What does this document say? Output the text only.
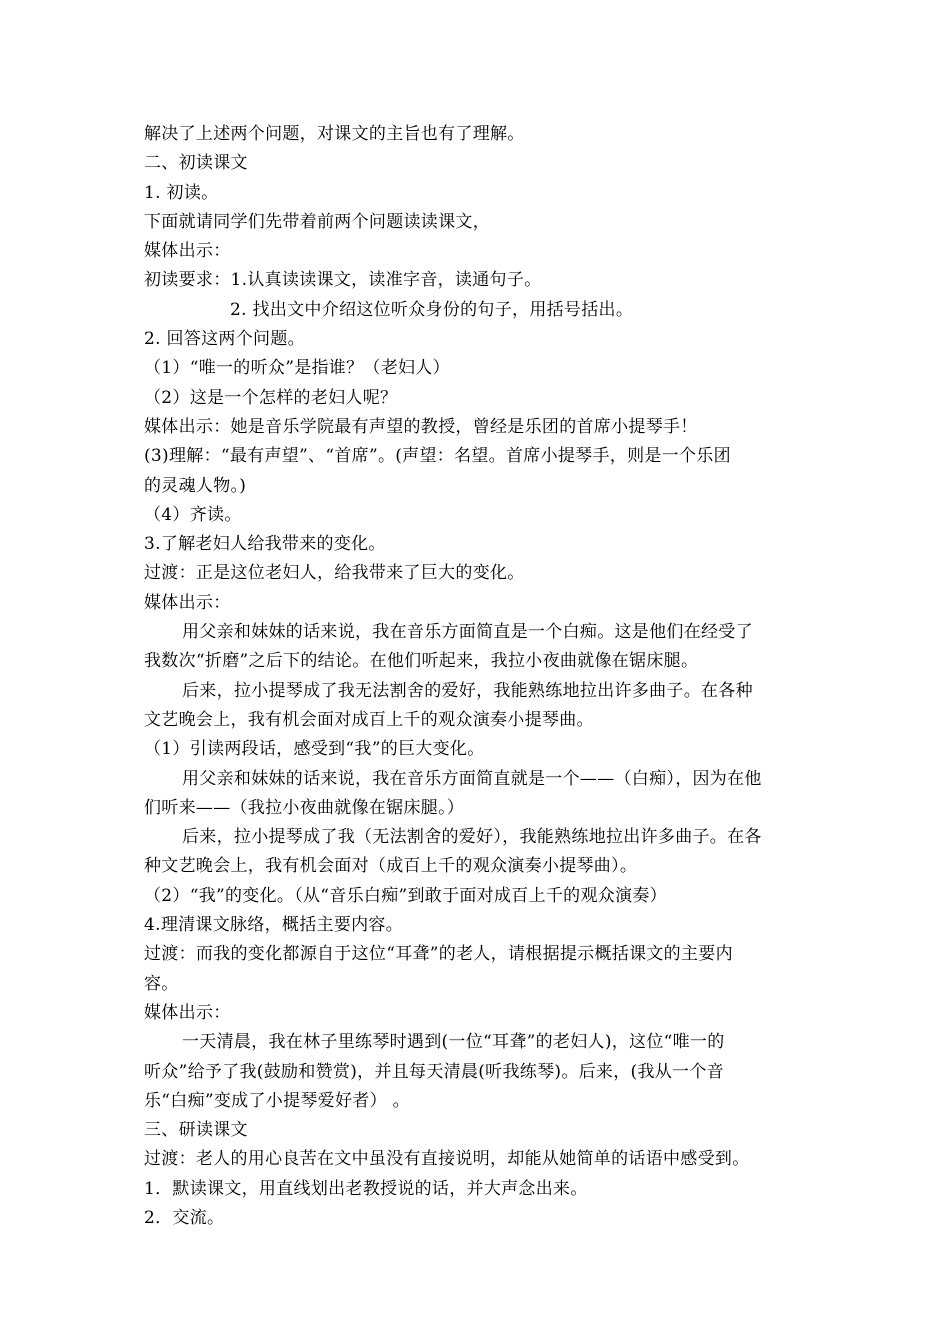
解决了上述两个问题，对课文的主旨也有了理解。
二、初读课文
1. 初读。
下面就请同学们先带着前两个问题读读课文，
媒体出示：
初读要求：1.认真读读课文，读准字音，读通句子。
2. 找出文中介绍这位听众身份的句子，用括号括出。
2. 回答这两个问题。
（1）“唯一的听众”是指谁？（老妇人）
（2）这是一个怎样的老妇人呢？
媒体出示：她是音乐学院最有声望的教授，曾经是乐团的首席小提琴手！
(3)理解：“最有声望”、“首席”。(声望：名望。首席小提琴手，则是一个乐团
的灵魂人物。)
（4）齐读。
3.了解老妇人给我带来的变化。
过渡：正是这位老妇人，给我带来了巨大的变化。
媒体出示：
用父亲和妹妹的话来说，我在音乐方面简直是一个白痴。这是他们在经受了
我数次“折磨”之后下的结论。在他们听起来，我拉小夜曲就像在锯床腿。
后来，拉小提琴成了我无法割舍的爱好，我能熟练地拉出许多曲子。在各种
文艺晚会上，我有机会面对成百上千的观众演奏小提琴曲。
（1）引读两段话，感受到“我”的巨大变化。
用父亲和妹妹的话来说，我在音乐方面简直就是一个——（白痴），因为在他
们听来——（我拉小夜曲就像在锯床腿。）
后来，拉小提琴成了我（无法割舍的爱好），我能熟练地拉出许多曲子。在各
种文艺晚会上，我有机会面对（成百上千的观众演奏小提琴曲）。
（2）“我”的变化。（从“音乐白痴”到敢于面对成百上千的观众演奏）
4.理清课文脉络，概括主要内容。
过渡：而我的变化都源自于这位“耳聋”的老人，请根据提示概括课文的主要内
容。
媒体出示：
一天清晨，我在林子里练琴时遇到(一位“耳聋”的老妇人)，这位“唯一的
听众”给予了我(鼓励和赞赏)，并且每天清晨(听我练琴)。后来，(我从一个音
乐“白痴”变成了小提琴爱好者） 。
三、研读课文
过渡：老人的用心良苦在文中虽没有直接说明，却能从她简单的话语中感受到。
1．默读课文，用直线划出老教授说的话，并大声念出来。
2．交流。
